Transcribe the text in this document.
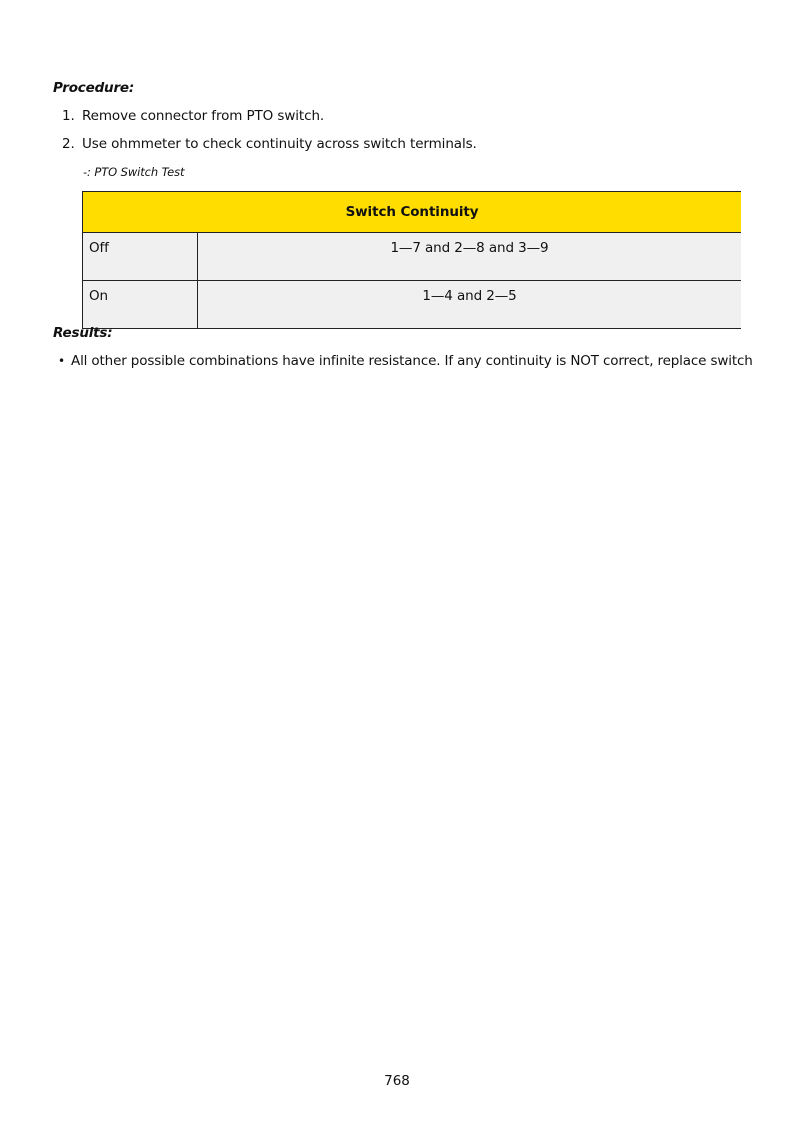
Procedure:
1. Remove connector from PTO switch.
2. Use ohmmeter to check continuity across switch terminals.
-: PTO Switch Test
Switch Continuity	
Off	1—7 and 2—8 and 3—9
On	1—4 and 2—5
Results:
• All other possible combinations have infinite resistance. If any continuity is NOT correct, replace switch
768
